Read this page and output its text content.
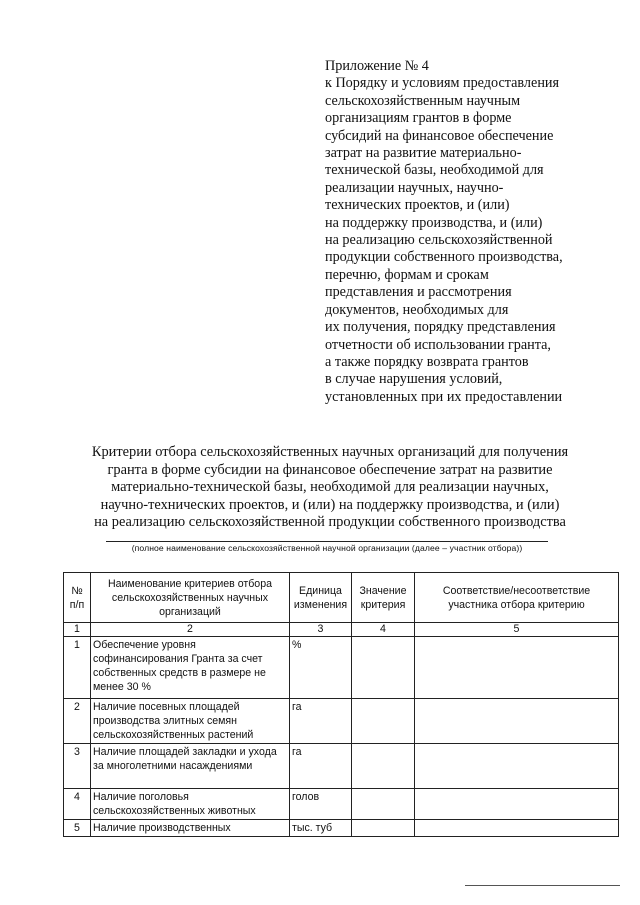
Приложение № 4
к Порядку и условиям предоставления
сельскохозяйственным научным
организациям грантов в форме
субсидий на финансовое обеспечение
затрат на развитие материально-
технической базы, необходимой для
реализации научных, научно-
технических проектов, и (или)
на поддержку производства, и (или)
на реализацию сельскохозяйственной
продукции собственного производства,
перечню, формам и срокам
представления и рассмотрения
документов, необходимых для
их получения, порядку представления
отчетности об использовании гранта,
а также порядку возврата грантов
в случае нарушения условий,
установленных при их предоставлении
Критерии отбора сельскохозяйственных научных организаций для получения
гранта в форме субсидии на финансовое обеспечение затрат на развитие
материально-технической базы, необходимой для реализации научных,
научно-технических проектов, и (или) на поддержку производства, и (или)
на реализацию сельскохозяйственной продукции собственного производства
(полное наименование сельскохозяйственной научной организации (далее – участник отбора))
№ п/п	Наименование критериев отбора сельскохозяйственных научных организаций	Единица изменения	Значение критерия	Соответствие/несоответствие участника отбора критерию
1	2	3	4	5
1	Обеспечение уровня софинансирования Гранта за счет собственных средств в размере не менее 30 %	%		
2	Наличие посевных площадей производства элитных семян сельскохозяйственных растений	га		
3	Наличие площадей закладки и ухода за многолетними насаждениями	га		
4	Наличие поголовья сельскохозяйственных животных	голов		
5	Наличие производственных	тыс. туб		
